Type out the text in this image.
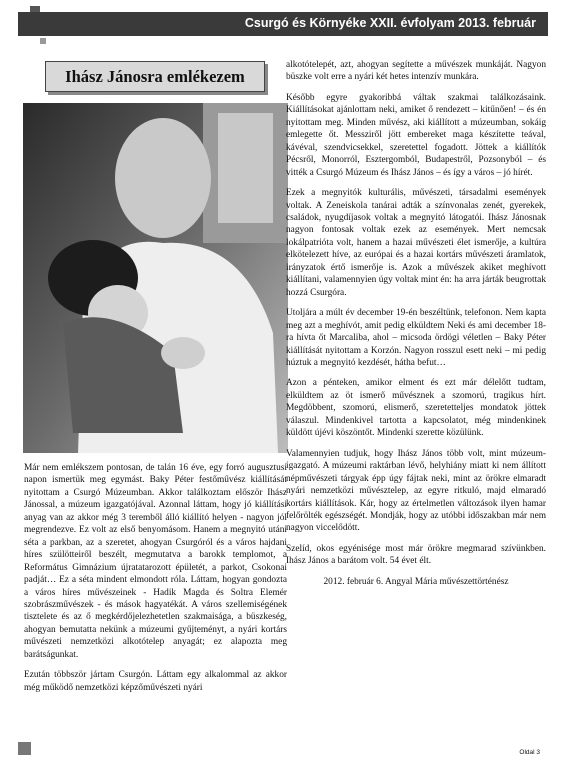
Csurgó és Környéke XXII. évfolyam 2013. február
Ihász Jánosra emlékezem

Már nem emlékszem pontosan, de talán 16 éve, egy forró augusztusi napon ismertük meg egymást. Baky Péter festőművész kiállítását nyitottam a Csurgó Múzeumban. Akkor találkoztam először Ihász Jánossal, a múzeum igazgatójával. Azonnal láttam, hogy jó kiállítási anyag van az akkor még 3 teremből álló kiállító helyen - nagyon jól megrendezve. Ez volt az első benyomásom. Hanem a megnyitó utáni séta a parkban, az a szeretet, ahogyan Csurgóról és a város hajdani híres szülötteiről beszélt, megmutatva a barokk templomot, a Református Gimnázium újratatarozott épületét, a parkot, Csokonai padját… Ez a séta mindent elmondott róla. Láttam, hogyan gondozta a város híres művészeinek - Hadik Magda és Soltra Elemér szobrászművészek - és mások hagyatékát. A város szellemiségének tisztelete és az ő megkérdőjelezhetetlen szakmaisága, a büszkeség, ahogyan bemutatta nekünk a múzeumi gyűjteményt, a nyári kortárs művészeti nemzetközi alkotótelep anyagát; ez alapozta meg barátságunkat.

Ezután többször jártam Csurgón. Láttam egy alkalommal az akkor még működő nemzetközi képzőművészeti nyári

alkotótelepét, azt, ahogyan segítette a művészek munkáját. Nagyon büszke volt erre a nyári két hetes intenzív munkára.

Később egyre gyakoribbá váltak szakmai találkozásaink. Kiállításokat ajánlottam neki, amiket ő rendezett – kitűnően! – és én nyitottam meg. Minden művész, aki kiállított a múzeumban, sokáig emlegette őt. Messziről jött embereket maga készítette teával, kávéval, szendvicsekkel, szeretettel fogadott. Jöttek a kiállítók Pécsről, Monorról, Esztergomból, Budapestről, Pozsonyból – és vitték a Csurgó Múzeum és Ihász János – és így a város – jó hírét.

Ezek a megnyitók kulturális, művészeti, társadalmi események voltak. A Zeneiskola tanárai adták a színvonalas zenét, gyerekek, családok, nyugdíjasok voltak a megnyitó látogatói. Ihász Jánosnak nagyon fontosak voltak ezek az események. Mert nemcsak lokálpatrióta volt, hanem a hazai művészeti élet ismerője, a kultúra elkötelezett híve, az európai és a hazai kortárs művészeti áramlatok, irányzatok értő ismerője is. Azok a művészek akiket meghívott kiállítani, valamennyien úgy voltak mint én: ha arra járták beugrottak hozzá Csurgóra.

Utoljára a múlt év december 19-én beszéltünk, telefonon. Nem kapta meg azt a meghívót, amit pedig elküldtem Neki és ami december 18-ra hívta őt Marcaliba, ahol – micsoda ördögi véletlen – Baky Péter kiállítását nyitottam a Korzón. Nagyon rosszul esett neki – mi pedig húztuk a megnyitó kezdését, hátha befut…

Azon a pénteken, amikor elment és ezt már délelőtt tudtam, elküldtem az öt ismerő művésznek a szomorú, tragikus hírt. Megdöbbent, szomorú, elismerő, szeretetteljes mondatok jöttek válaszul. Mindenkivel tartotta a kapcsolatot, még mindenkinek küldött újévi köszöntőt. Mindenki szerette közülünk.

Valamennyien tudjuk, hogy Ihász János több volt, mint múzeum-igazgató. A múzeumi raktárban lévő, helyhiány miatt ki nem állított népművészeti tárgyak épp úgy fájtak neki, mint az örökre elmaradt nyári nemzetközi művésztelep, az egyre ritkuló, majd elmaradó kortárs kiállítások. Kár, hogy az értelmetlen változások ilyen hamar felőrölték egészségét. Mondják, hogy az utóbbi időszakban már nem nagyon viccelődött.

Szelíd, okos egyénisége most már örökre megmarad szívünkben. Ihász János a barátom volt. 54 évet élt.

2012. február 6. Angyal Mária művészettörténész
Oldal 3
